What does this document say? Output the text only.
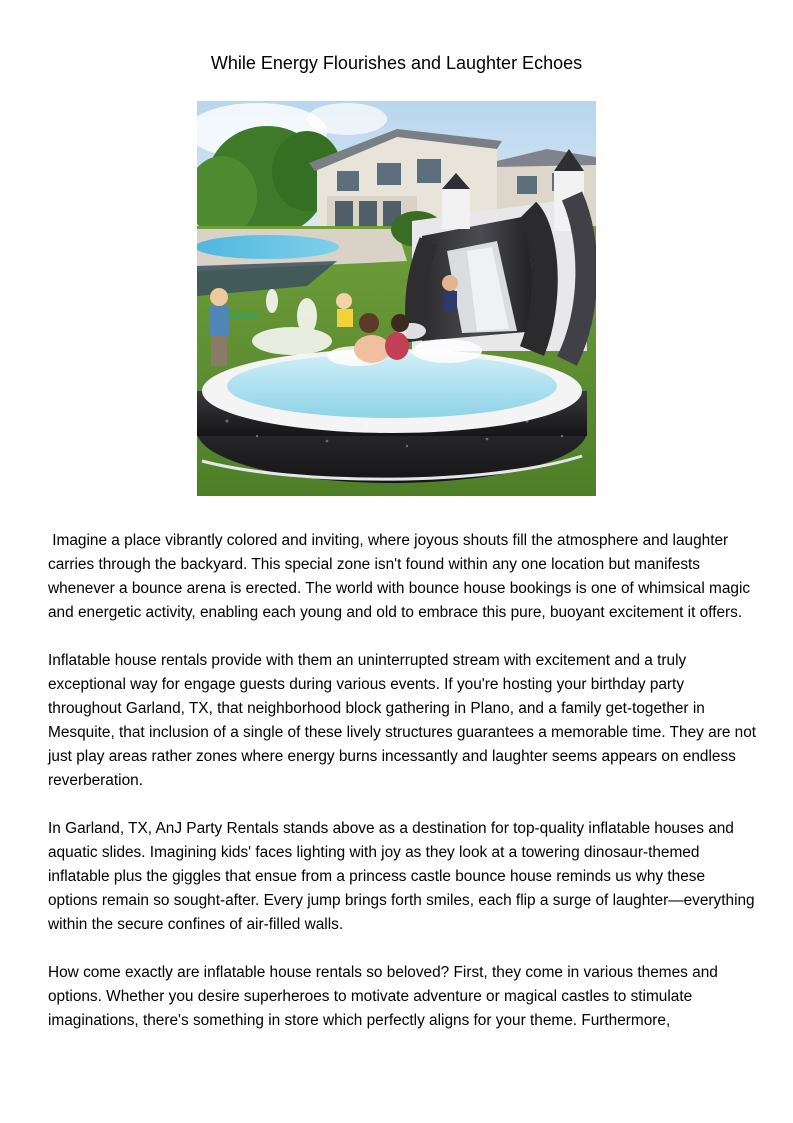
While Energy Flourishes and Laughter Echoes

Imagine a place vibrantly colored and inviting, where joyous shouts fill the atmosphere and laughter carries through the backyard. This special zone isn't found within any one location but manifests whenever a bounce arena is erected. The world with bounce house bookings is one of whimsical magic and energetic activity, enabling each young and old to embrace this pure, buoyant excitement it offers.

Inflatable house rentals provide with them an uninterrupted stream with excitement and a truly exceptional way for engage guests during various events. If you're hosting your birthday party throughout Garland, TX, that neighborhood block gathering in Plano, and a family get-together in Mesquite, that inclusion of a single of these lively structures guarantees a memorable time. They are not just play areas rather zones where energy burns incessantly and laughter seems appears on endless reverberation.

In Garland, TX, AnJ Party Rentals stands above as a destination for top-quality inflatable houses and aquatic slides. Imagining kids' faces lighting with joy as they look at a towering dinosaur-themed inflatable plus the giggles that ensue from a princess castle bounce house reminds us why these options remain so sought-after. Every jump brings forth smiles, each flip a surge of laughter—everything within the secure confines of air-filled walls.

How come exactly are inflatable house rentals so beloved? First, they come in various themes and options. Whether you desire superheroes to motivate adventure or magical castles to stimulate imaginations, there's something in store which perfectly aligns for your theme. Furthermore,
